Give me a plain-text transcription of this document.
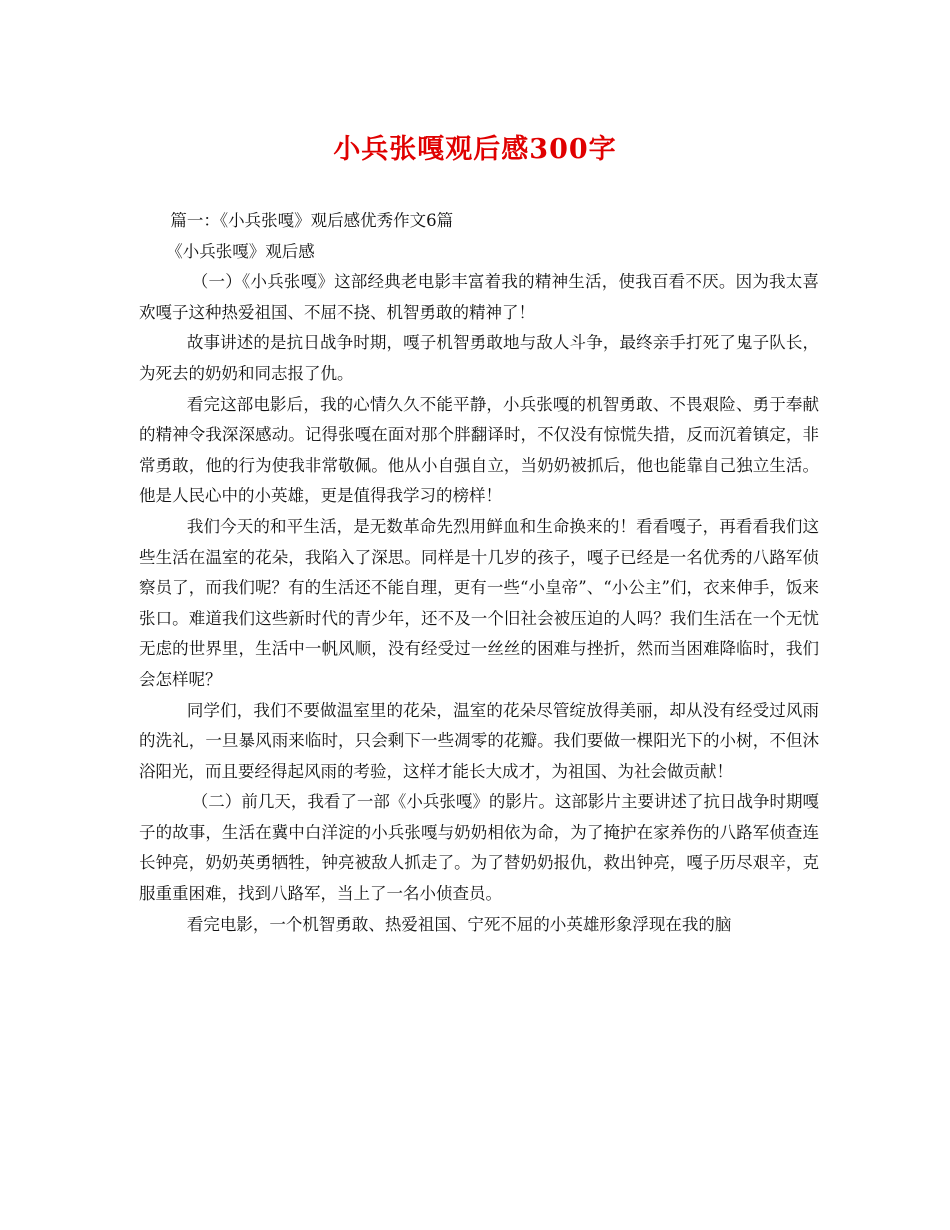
小兵张嘎观后感300字

篇一：《小兵张嘎》观后感优秀作文6篇

《小兵张嘎》观后感

（一）《小兵张嘎》这部经典老电影丰富着我的精神生活，使我百看不厌。因为我太喜欢嘎子这种热爱祖国、不屈不挠、机智勇敢的精神了！

故事讲述的是抗日战争时期，嘎子机智勇敢地与敌人斗争，最终亲手打死了鬼子队长，为死去的奶奶和同志报了仇。

看完这部电影后，我的心情久久不能平静，小兵张嘎的机智勇敢、不畏艰险、勇于奉献的精神令我深深感动。记得张嘎在面对那个胖翻译时，不仅没有惊慌失措，反而沉着镇定，非常勇敢，他的行为使我非常敬佩。他从小自强自立，当奶奶被抓后，他也能靠自己独立生活。他是人民心中的小英雄，更是值得我学习的榜样！

我们今天的和平生活，是无数革命先烈用鲜血和生命换来的！看看嘎子，再看看我们这些生活在温室的花朵，我陷入了深思。同样是十几岁的孩子，嘎子已经是一名优秀的八路军侦察员了，而我们呢？有的生活还不能自理，更有一些“小皇帝”、“小公主”们，衣来伸手，饭来张口。难道我们这些新时代的青少年，还不及一个旧社会被压迫的人吗？我们生活在一个无忧无虑的世界里，生活中一帆风顺，没有经受过一丝丝的困难与挫折，然而当困难降临时，我们会怎样呢？

同学们，我们不要做温室里的花朵，温室的花朵尽管绽放得美丽，却从没有经受过风雨的洗礼，一旦暴风雨来临时，只会剩下一些凋零的花瓣。我们要做一棵阳光下的小树，不但沐浴阳光，而且要经得起风雨的考验，这样才能长大成才，为祖国、为社会做贡献！

（二）前几天，我看了一部《小兵张嘎》的影片。这部影片主要讲述了抗日战争时期嘎子的故事，生活在冀中白洋淀的小兵张嘎与奶奶相依为命，为了掩护在家养伤的八路军侦查连长钟亮，奶奶英勇牺牲，钟亮被敌人抓走了。为了替奶奶报仇，救出钟亮，嘎子历尽艰辛，克服重重困难，找到八路军，当上了一名小侦查员。

看完电影，一个机智勇敢、热爱祖国、宁死不屈的小英雄形象浮现在我的脑
